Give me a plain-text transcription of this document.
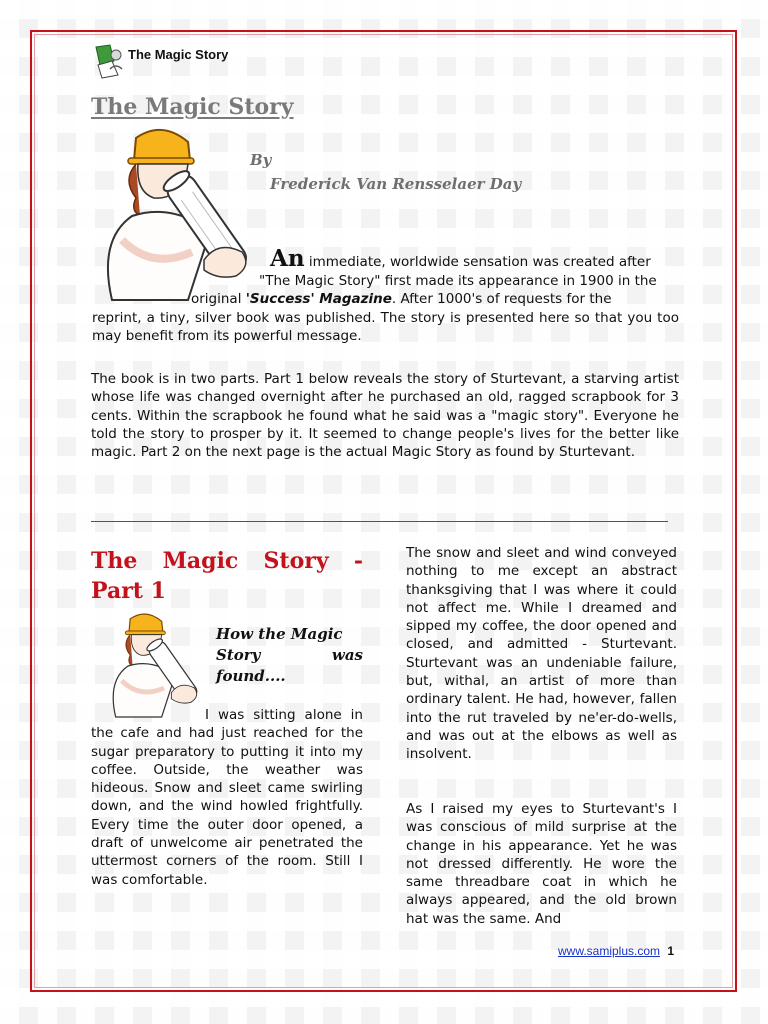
The Magic Story
The Magic Story
By
Frederick Van Rensselaer Day
An immediate, worldwide sensation was created after
"The Magic Story" first made its appearance in 1900 in the
original 'Success' Magazine. After 1000's of requests for the
reprint, a tiny, silver book was published. The story is presented here so that you too may benefit from its powerful message.

The book is in two parts. Part 1 below reveals the story of Sturtevant, a starving artist whose life was changed overnight after he purchased an old, ragged scrapbook for 3 cents. Within the scrapbook he found what he said was a "magic story". Everyone he told the story to prosper by it. It seemed to change people's lives for the better like magic. Part 2 on the next page is the actual Magic Story as found by Sturtevant.

The Magic Story -
Part 1
How the Magic
Story	was
found....

I was sitting alone in the cafe and had just reached for the sugar preparatory to putting it into my coffee. Outside, the weather was hideous. Snow and sleet came swirling down, and the wind howled frightfully. Every time the outer door opened, a draft of unwelcome air penetrated the uttermost corners of the room. Still I was comfortable.

The snow and sleet and wind conveyed nothing to me except an abstract thanksgiving that I was where it could not affect me. While I dreamed and sipped my coffee, the door opened and closed, and admitted - Sturtevant. Sturtevant was an undeniable failure, but, withal, an artist of more than ordinary talent. He had, however, fallen into the rut traveled by ne'er-do-wells, and was out at the elbows as well as insolvent.

As I raised my eyes to Sturtevant's I was conscious of mild surprise at the change in his appearance. Yet he was not dressed differently. He wore the same threadbare coat in which he always appeared, and the old brown hat was the same. And

www.samiplus.com 1
